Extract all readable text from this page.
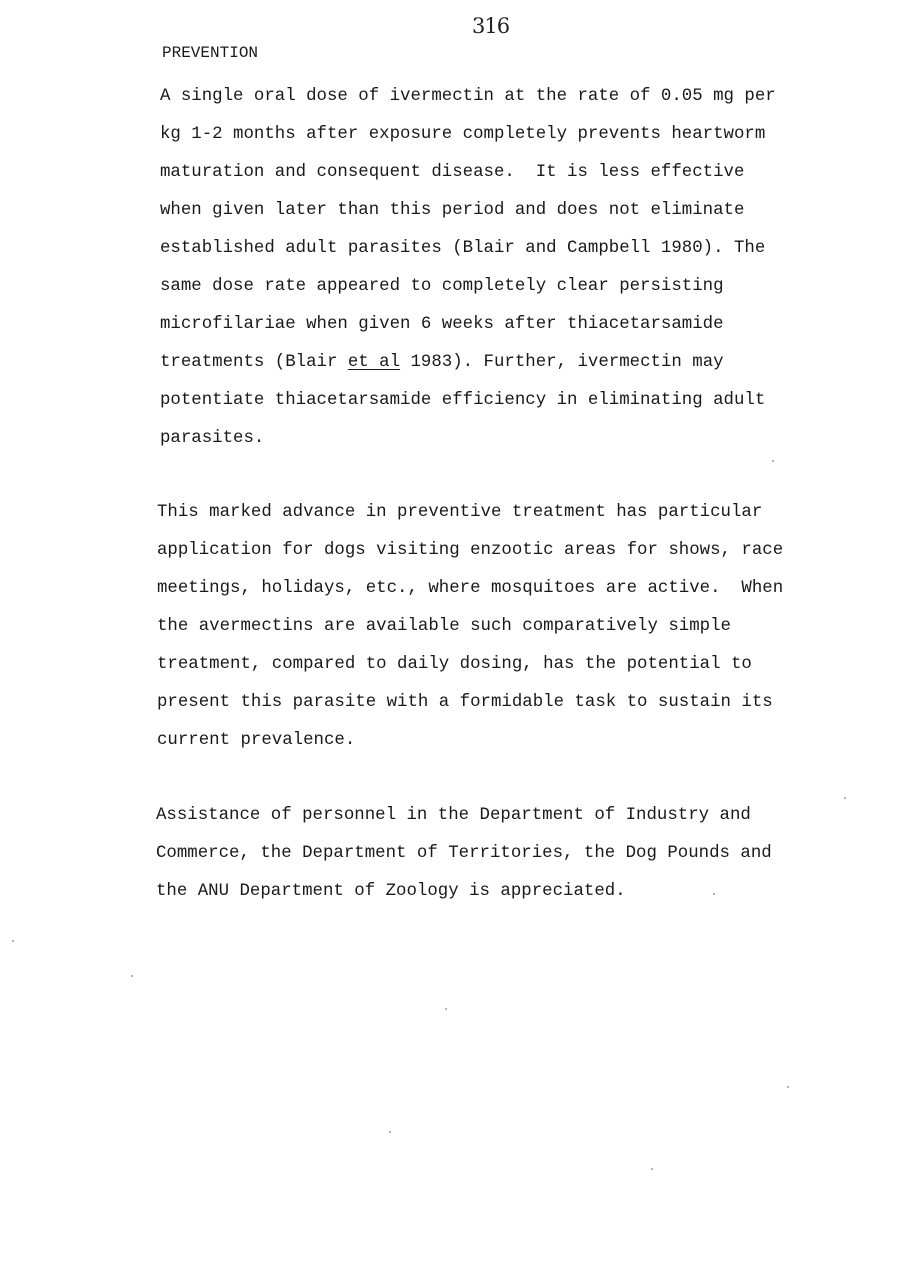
316
PREVENTION
A single oral dose of ivermectin at the rate of 0.05 mg per
kg 1-2 months after exposure completely prevents heartworm
maturation and consequent disease.  It is less effective
when given later than this period and does not eliminate
established adult parasites (Blair and Campbell 1980). The
same dose rate appeared to completely clear persisting
microfilariae when given 6 weeks after thiacetarsamide
treatments (Blair et al 1983). Further, ivermectin may
potentiate thiacetarsamide efficiency in eliminating adult
parasites.
This marked advance in preventive treatment has particular
application for dogs visiting enzootic areas for shows, race
meetings, holidays, etc., where mosquitoes are active.  When
the avermectins are available such comparatively simple
treatment, compared to daily dosing, has the potential to
present this parasite with a formidable task to sustain its
current prevalence.
Assistance of personnel in the Department of Industry and
Commerce, the Department of Territories, the Dog Pounds and
the ANU Department of Zoology is appreciated.
